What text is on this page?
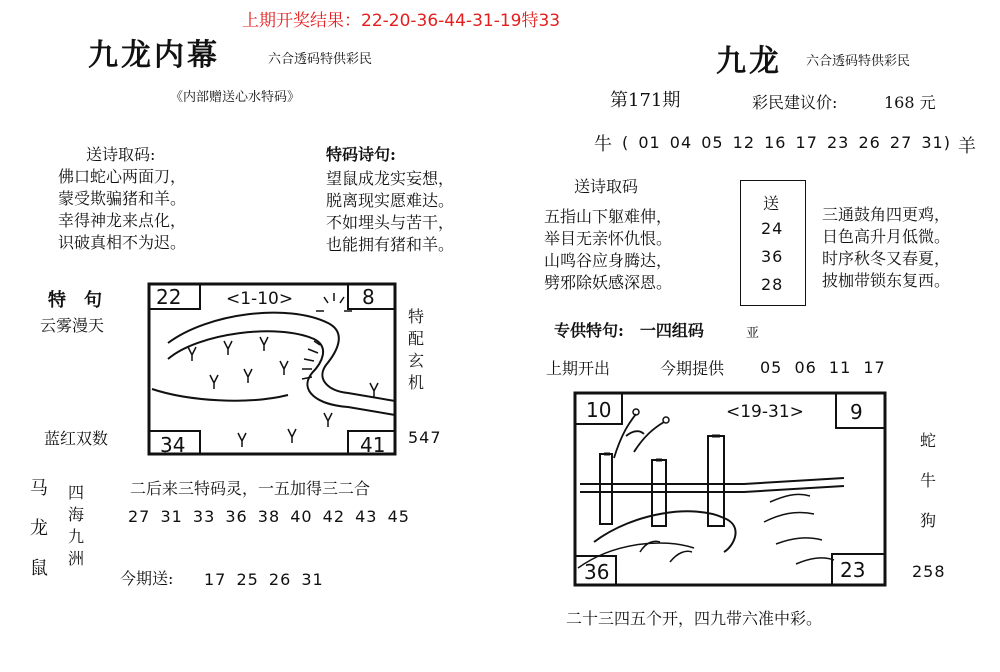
上期开奖结果：22-20-36-44-31-19特33
九龙内幕	六合透码特供彩民
《内部赠送心水特码》
送诗取码:
佛口蛇心两面刀，
蒙受欺骗猪和羊。
幸得神龙来点化，
识破真相不为迟。
特码诗句:
望鼠成龙实妄想，
脱离现实愿难达。
不如埋头与苦干，
也能拥有猪和羊。
特　句
云雾漫天
蓝红双数
22	8
34	41
<1-10>
特
配
玄
机
547
二后来三特码灵，一五加得三二合
马
龙
鼠
四
海
九
洲
27 31 33 36 38 40 42 43 45
今期送: 17 25 26 31
九龙 六合透码特供彩民
第171期	彩民建议价:	168 元
牛 ( 01 04 05 12 16 17 23 26 27 31) 羊
送诗取码
五指山下躯难伸，
举目无亲怀仇恨。
山鸣谷应身腾达，
劈邪除妖感深恩。
送
24
36
28
三通鼓角四更鸡，
日色高升月低微。
时序秋冬又春夏，
披枷带锁东复西。
专供特句:　一四组码	亚
上期开出	今期提供 05 06 11 17
10	9
36	23
<19-31>
蛇
牛
狗
258
二十三四五个开，四九带六准中彩。
